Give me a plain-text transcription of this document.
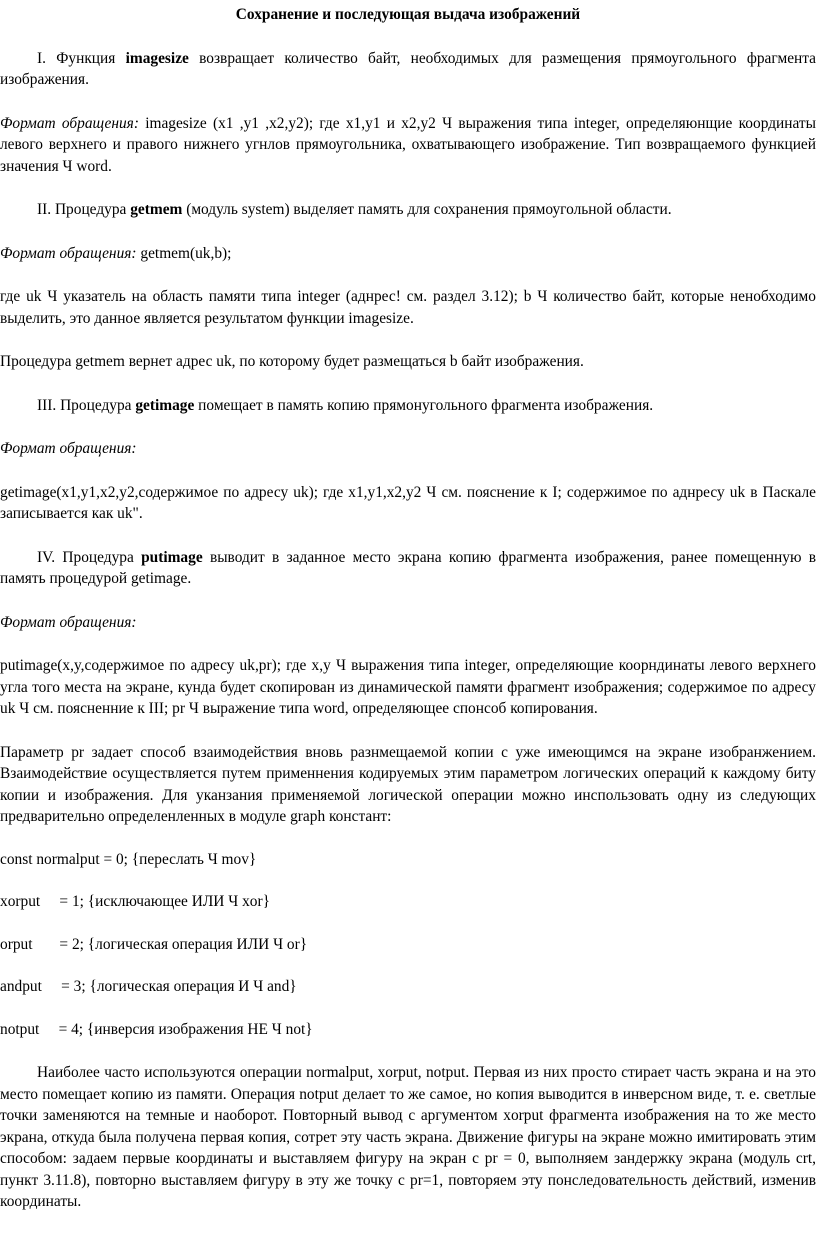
Сохранение и последующая выдача изображений

I. Функция imagesize возвращает количество байт, необходимых для размещения прямоугольного фрагмента изображения.

Формат обращения: imagesize (x1 ,y1 ,x2,y2); где x1,y1 и x2,y2 Ч выражения типа integer, определяюнщие координаты левого верхнего и правого нижнего угнлов прямоугольника, охватывающего изображение. Тип возвращаемого функцией значения Ч word.

II. Процедура getmem (модуль system) выделяет память для сохранения прямоугольной области.

Формат обращения: getmem(uk,b);

где uk Ч указатель на область памяти типа integer (аднрес! см. раздел 3.12); b Ч количество байт, которые ненобходимо выделить, это данное является результатом функции imagesize.

Процедура getmem вернет адрес uk, по которому будет размещаться b байт изображения.

III. Процедура getimage помещает в память копию прямонугольного фрагмента изображения.

Формат обращения:

getimage(x1,y1,x2,y2,содержимое по адресу uk); где x1,y1,x2,y2 Ч см. пояснение к I; содержимое по аднресу uk в Паскале записывается как uk".

IV. Процедура putimage выводит в заданное место экрана копию фрагмента изображения, ранее помещенную в память процедурой getimage.

Формат обращения:

putimage(x,y,содержимое по адресу uk,pr); где x,y Ч выражения типа integer, определяющие коорндинаты левого верхнего угла того места на экране, кунда будет скопирован из динамической памяти фрагмент изображения; содержимое по адресу uk Ч см. поясненние к III; pr Ч выражение типа word, определяющее спонсоб копирования.

Параметр pr задает способ взаимодействия вновь разнмещаемой копии с уже имеющимся на экране изобранжением. Взаимодействие осуществляется путем применнения кодируемых этим параметром логических операций к каждому биту копии и изображения. Для уканзания применяемой логической операции можно инспользовать одну из следующих предварительно определенленных в модуле graph констант:

const normalput = 0; {переслать Ч mov}

xorput     = 1; {исключающее ИЛИ Ч xor}

orput       = 2; {логическая операция ИЛИ Ч or}

andput     = 3; {логическая операция И Ч and}

notput     = 4; {инверсия изображения НЕ Ч not}

Наиболее часто используются операции normalput, xorput, notput. Первая из них просто стирает часть экрана и на это место помещает копию из памяти. Операция notput делает то же самое, но копия выводится в инверсном виде, т. е. светлые точки заменяются на темные и наоборот. Повторный вывод с аргументом xorput фрагмента изображения на то же место экрана, откуда была получена первая копия, сотрет эту часть экрана. Движение фигуры на экране можно имитировать этим способом: задаем первые координаты и выставляем фигуру на экран с pr = 0, выполняем зандержку экрана (модуль crt, пункт 3.11.8), повторно выставляем фигуру в эту же точку с pr=1, повторяем эту понследовательность действий, изменив координаты.
